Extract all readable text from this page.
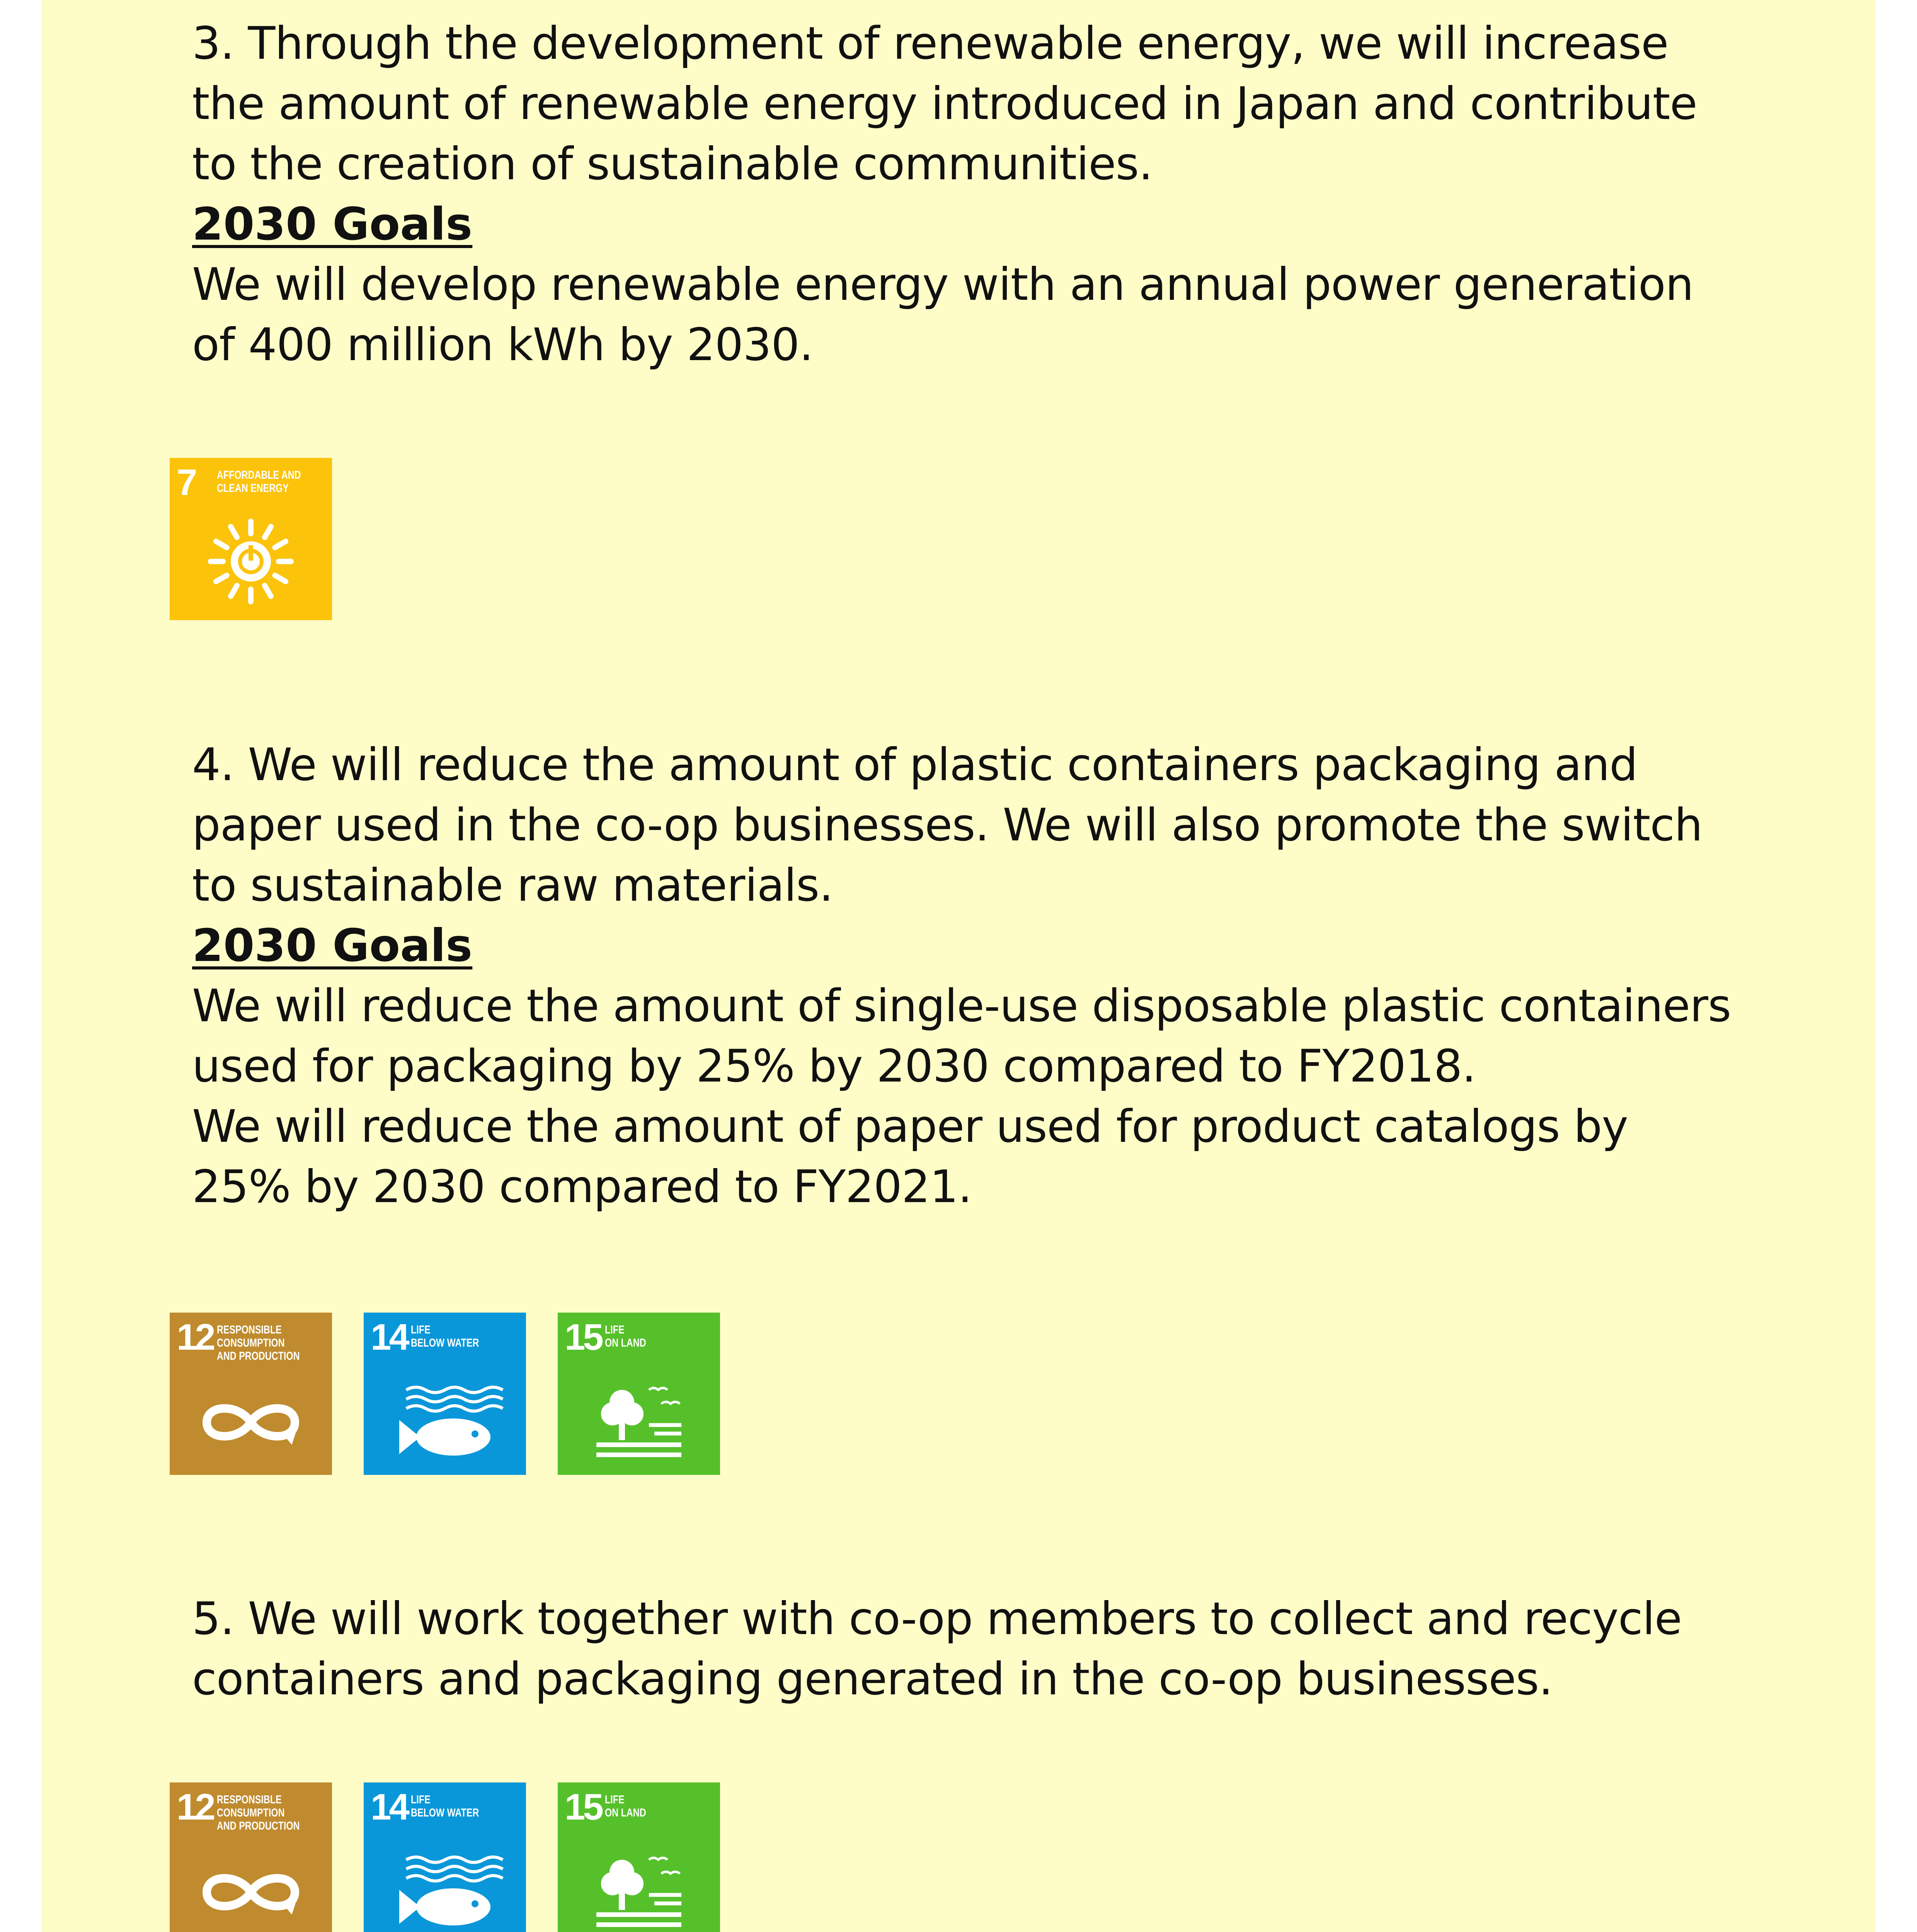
3. Through the development of renewable energy, we will increase the amount of renewable energy introduced in Japan and contribute to the creation of sustainable communities.

2030 Goals

We will develop renewable energy with an annual power generation of 400 million kWh by 2030.

7 AFFORDABLE AND
CLEAN ENERGY

4. We will reduce the amount of plastic containers packaging and paper used in the co-op businesses. We will also promote the switch to sustainable raw materials.

2030 Goals

We will reduce the amount of single-use disposable plastic containers used for packaging by 25% by 2030 compared to FY2018.

We will reduce the amount of paper used for product catalogs by 25% by 2030 compared to FY2021.

12 RESPONSIBLE
CONSUMPTION
AND PRODUCTION 14 LIFE
BELOW WATER	15 LIFE
ON LAND

5. We will work together with co-op members to collect and recycle containers and packaging generated in the co-op businesses.

12 RESPONSIBLE
CONSUMPTION
AND PRODUCTION 14 LIFE
BELOW WATER	15 LIFE
ON LAND
